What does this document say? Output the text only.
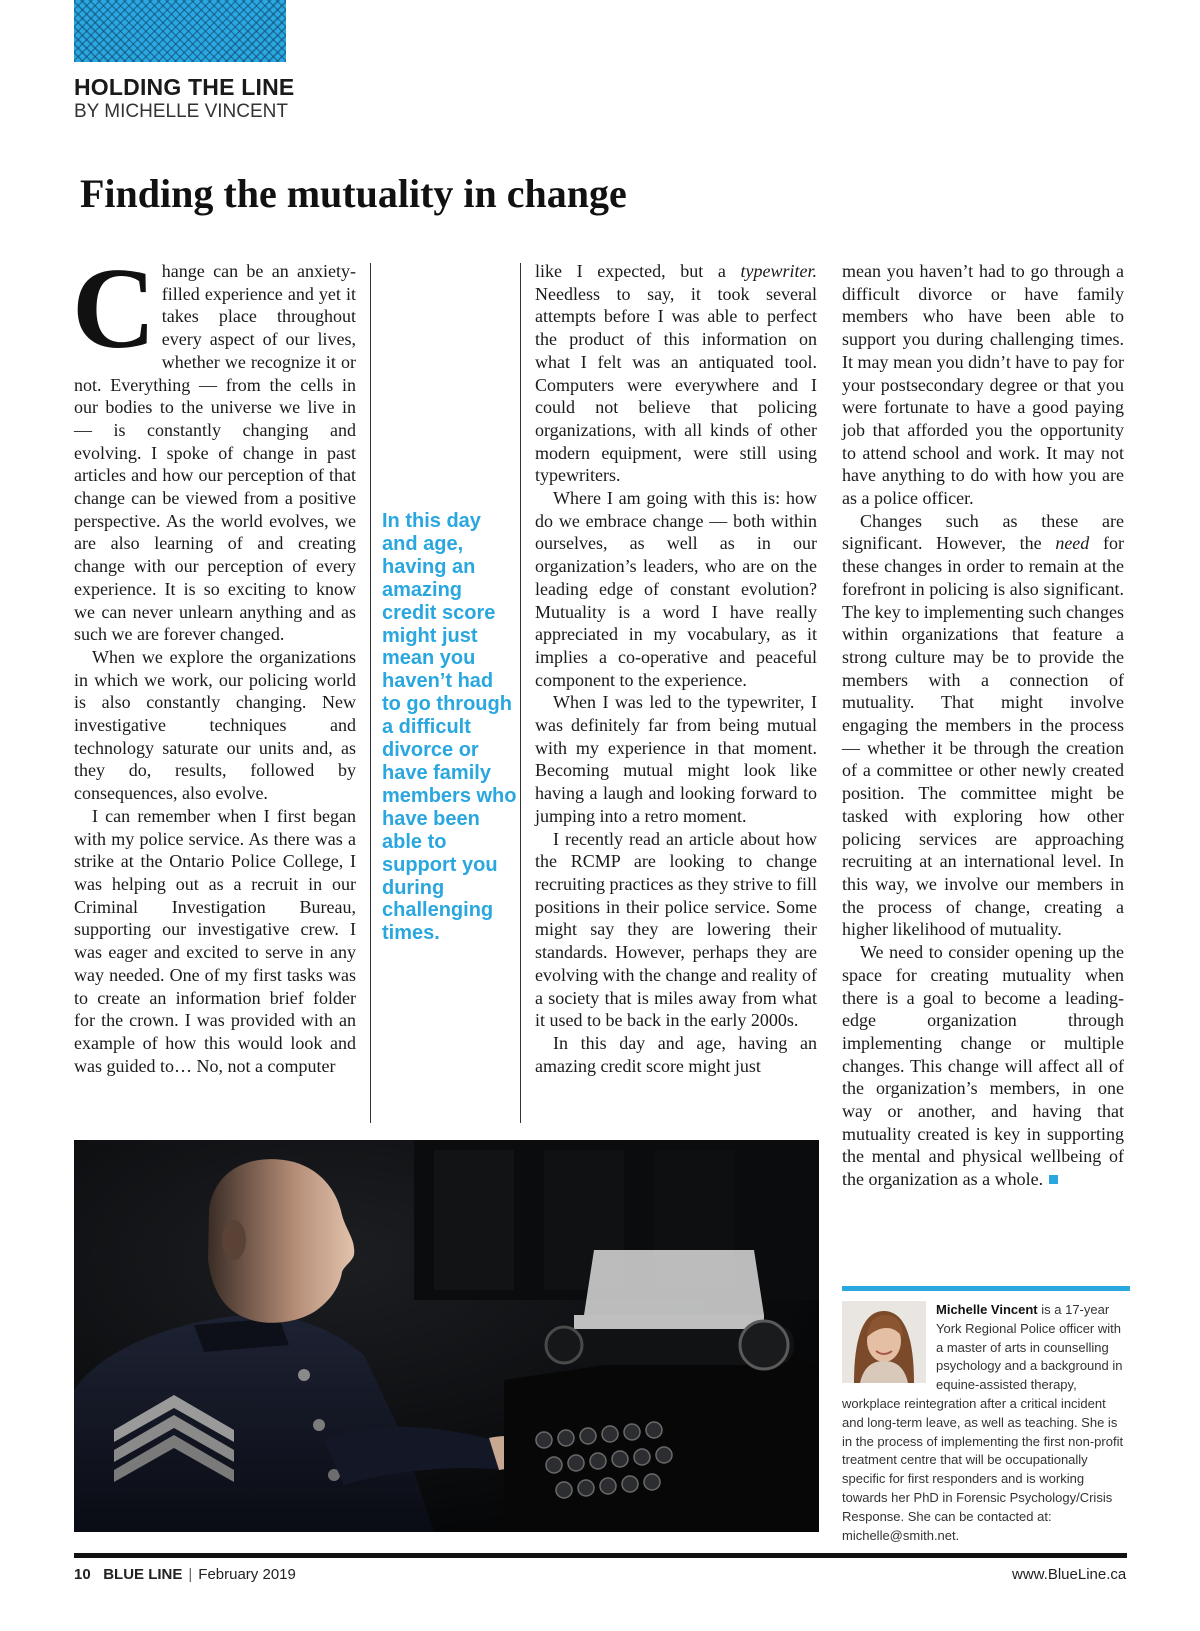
HOLDING THE LINE
BY MICHELLE VINCENT
Finding the mutuality in change

Change can be an anxiety-filled experience and yet it takes place throughout every aspect of our lives, whether we recognize it or not. Everything — from the cells in our bodies to the universe we live in — is constantly changing and evolving. I spoke of change in past articles and how our perception of that change can be viewed from a positive perspective. As the world evolves, we are also learning of and creating change with our perception of every experience. It is so exciting to know we can never unlearn anything and as such we are forever changed.

When we explore the organizations in which we work, our policing world is also constantly changing. New investigative techniques and technology saturate our units and, as they do, results, followed by consequences, also evolve.

I can remember when I first began with my police service. As there was a strike at the Ontario Police College, I was helping out as a recruit in our Criminal Investigation Bureau, supporting our investigative crew. I was eager and excited to serve in any way needed. One of my first tasks was to create an information brief folder for the crown. I was provided with an example of how this would look and was guided to… No, not a computer

In this day and age, having an amazing credit score might just mean you haven’t had to go through a difficult divorce or have family members who have been able to support you during challenging times.

like I expected, but a typewriter. Needless to say, it took several attempts before I was able to perfect the product of this information on what I felt was an antiquated tool. Computers were everywhere and I could not believe that policing organizations, with all kinds of other modern equipment, were still using typewriters.

Where I am going with this is: how do we embrace change — both within ourselves, as well as in our organization’s leaders, who are on the leading edge of constant evolution? Mutuality is a word I have really appreciated in my vocabulary, as it implies a co-operative and peaceful component to the experience.

When I was led to the typewriter, I was definitely far from being mutual with my experience in that moment. Becoming mutual might look like having a laugh and looking forward to jumping into a retro moment.

I recently read an article about how the RCMP are looking to change recruiting practices as they strive to fill positions in their police service. Some might say they are lowering their standards. However, perhaps they are evolving with the change and reality of a society that is miles away from what it used to be back in the early 2000s.

In this day and age, having an amazing credit score might just

mean you haven’t had to go through a difficult divorce or have family members who have been able to support you during challenging times. It may mean you didn’t have to pay for your postsecondary degree or that you were fortunate to have a good paying job that afforded you the opportunity to attend school and work. It may not have anything to do with how you are as a police officer.

Changes such as these are significant. However, the need for these changes in order to remain at the forefront in policing is also significant. The key to implementing such changes within organizations that feature a strong culture may be to provide the members with a connection of mutuality. That might involve engaging the members in the process — whether it be through the creation of a committee or other newly created position. The committee might be tasked with exploring how other policing services are approaching recruiting at an international level. In this way, we involve our members in the process of change, creating a higher likelihood of mutuality.

We need to consider opening up the space for creating mutuality when there is a goal to become a leading-edge organization through implementing change or multiple changes. This change will affect all of the organization’s members, in one way or another, and having that mutuality created is key in supporting the mental and physical wellbeing of the organization as a whole.

Michelle Vincent is a 17-year York Regional Police officer with a master of arts in counselling psychology and a background in equine-assisted therapy, workplace reintegration after a critical incident and long-term leave, as well as teaching. She is in the process of implementing the first non-profit treatment centre that will be occupationally specific for first responders and is working towards her PhD in Forensic Psychology/Crisis Response. She can be contacted at: michelle@smith.net.
10 BLUE LINE | February 2019	www.BlueLine.ca
